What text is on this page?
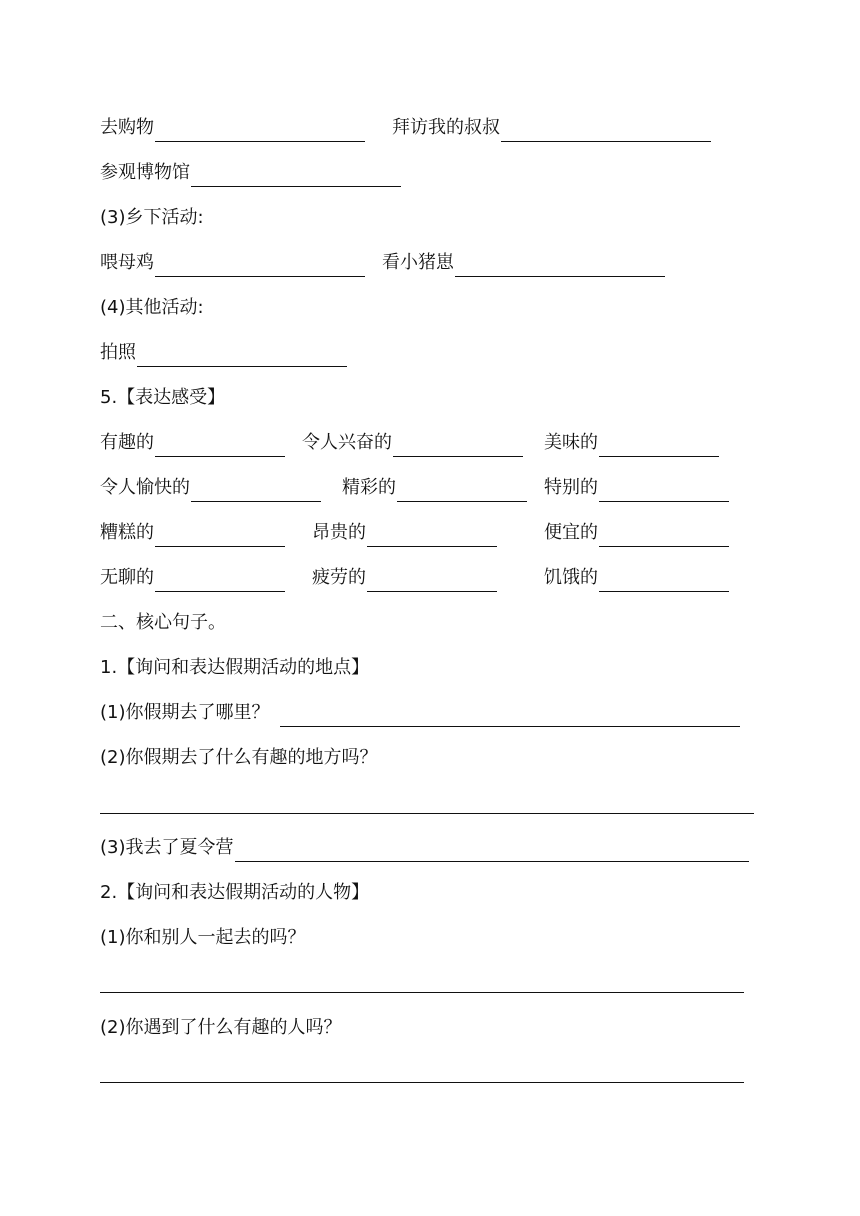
去购物	拜访我的叔叔
参观博物馆
(3)乡下活动:
喂母鸡	看小猪崽
(4)其他活动:
拍照
5.【表达感受】
有趣的	令人兴奋的	美味的
令人愉快的	精彩的	特别的
糟糕的	昂贵的	便宜的
无聊的	疲劳的	饥饿的
二、核心句子。
1.【询问和表达假期活动的地点】
(1)你假期去了哪里？
(2)你假期去了什么有趣的地方吗？
(3)我去了夏令营
2.【询问和表达假期活动的人物】
(1)你和别人一起去的吗？
(2)你遇到了什么有趣的人吗？
